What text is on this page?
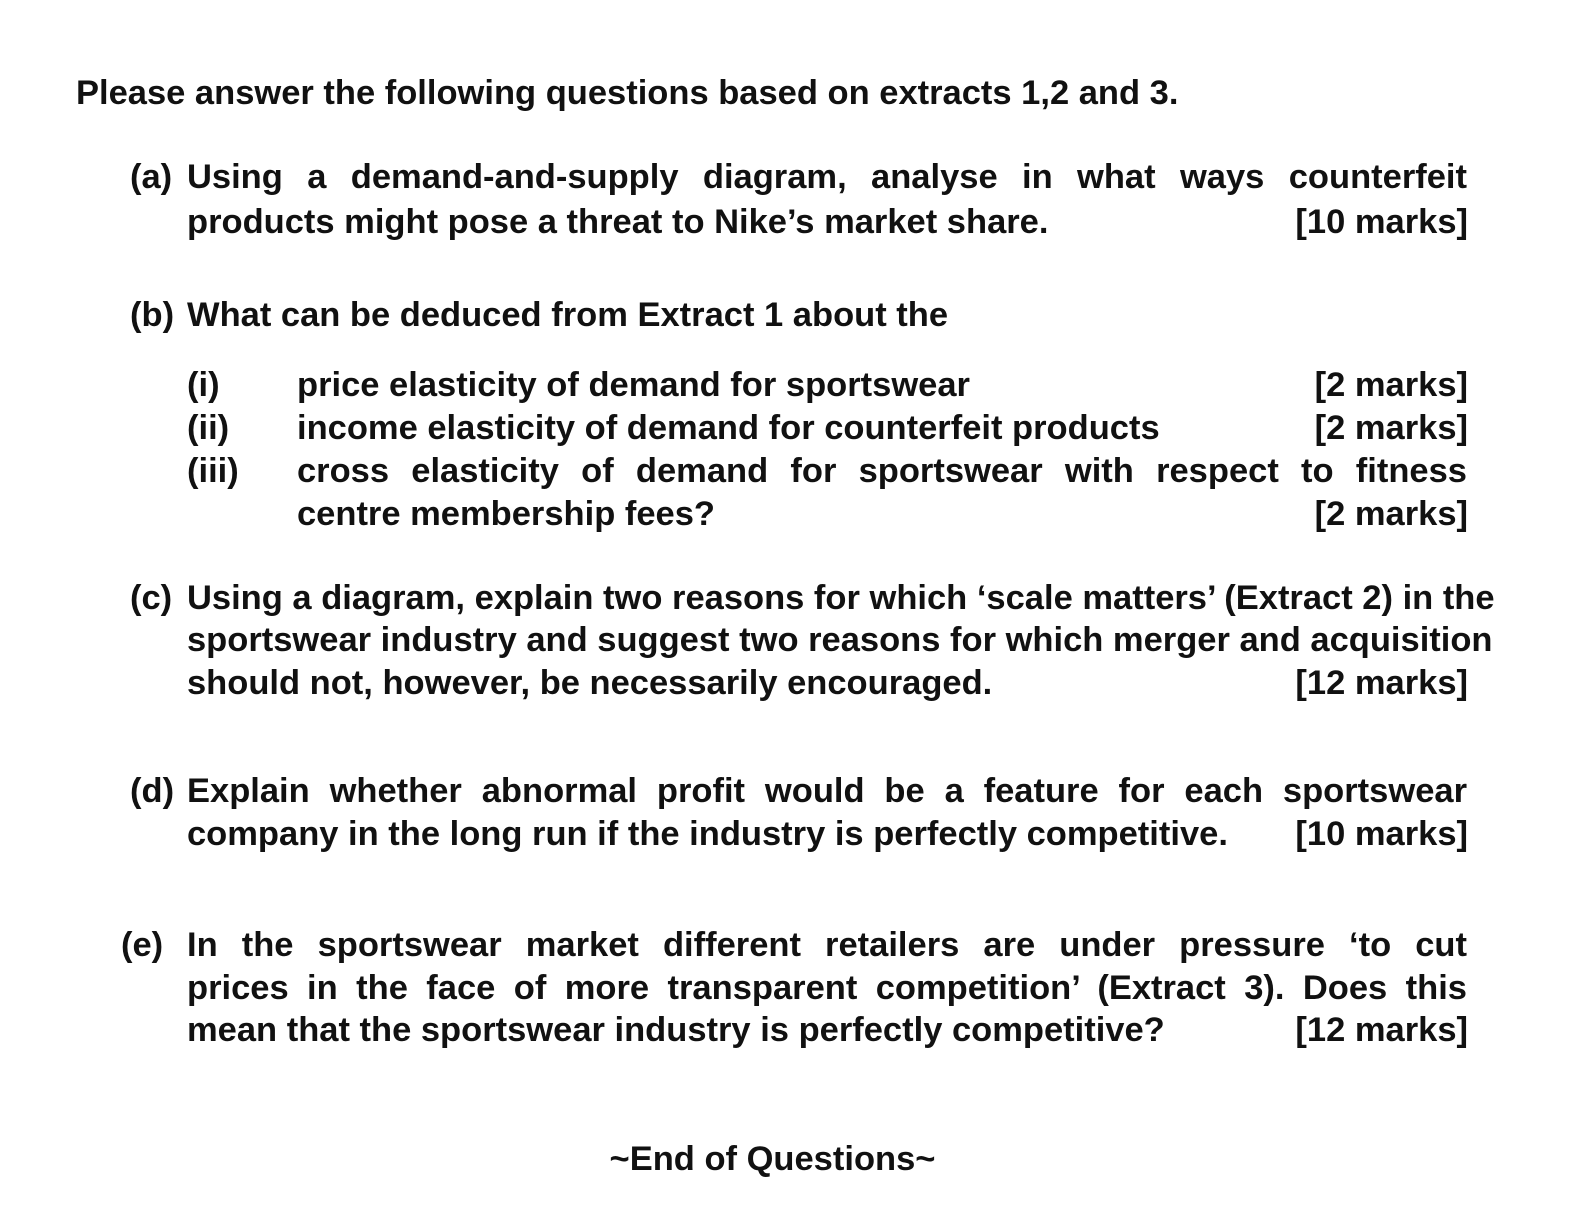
Please answer the following questions based on extracts 1,2 and 3.
(a) Using a demand-and-supply diagram, analyse in what ways counterfeit
products might pose a threat to Nike’s market share.	[10 marks]
(b) What can be deduced from Extract 1 about the
(i) price elasticity of demand for sportswear	[2 marks]
(ii) income elasticity of demand for counterfeit products	[2 marks]
(iii) cross elasticity of demand for sportswear with respect to fitness
centre membership fees?	[2 marks]
(c) Using a diagram, explain two reasons for which ‘scale matters’ (Extract 2) in the
sportswear industry and suggest two reasons for which merger and acquisition
should not, however, be necessarily encouraged.	[12 marks]
(d) Explain whether abnormal profit would be a feature for each sportswear
company in the long run if the industry is perfectly competitive. [10 marks]
(e) In the sportswear market different retailers are under pressure ‘to cut
prices in the face of more transparent competition’ (Extract 3). Does this
mean that the sportswear industry is perfectly competitive?	[12 marks]
~End of Questions~
